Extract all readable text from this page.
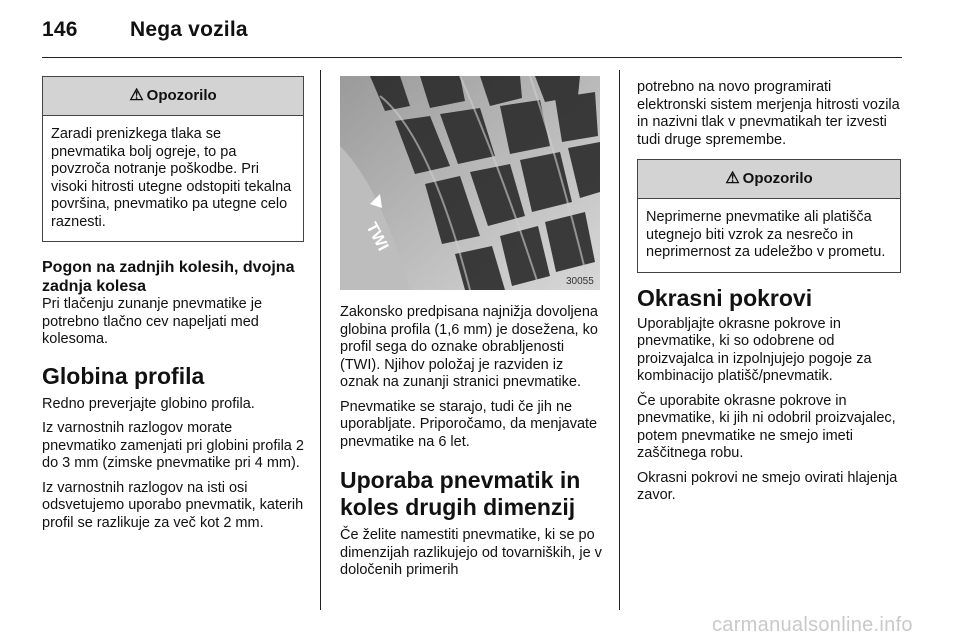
146 Nega vozila
⚠ Opozorilo
Zaradi prenizkega tlaka se pnevmatika bolj ogreje, to pa povzroča notranje poškodbe. Pri visoki hitrosti utegne odstopiti tekalna površina, pnevmatiko pa utegne celo raznesti.
Pogon na zadnjih kolesih, dvojna zadnja kolesa

Pri tlačenju zunanje pnevmatike je potrebno tlačno cev napeljati med kolesoma.

Globina profila

Redno preverjajte globino profila.

Iz varnostnih razlogov morate pnevmatiko zamenjati pri globini profila 2 do 3 mm (zimske pnevmatike pri 4 mm).

Iz varnostnih razlogov na isti osi odsvetujemo uporabo pnevmatik, katerih profil se razlikuje za več kot 2 mm.

TWI
30055

Zakonsko predpisana najnižja dovoljena globina profila (1,6 mm) je dosežena, ko profil sega do oznake obrabljenosti (TWI). Njihov položaj je razviden iz oznak na zunanji stranici pnevmatike.

Pnevmatike se starajo, tudi če jih ne uporabljate. Priporočamo, da menjavate pnevmatike na 6 let.

Uporaba pnevmatik in koles drugih dimenzij

Če želite namestiti pnevmatike, ki se po dimenzijah razlikujejo od tovarniških, je v določenih primerih

potrebno na novo programirati elektronski sistem merjenja hitrosti vozila in nazivni tlak v pnevmatikah ter izvesti tudi druge spremembe.

⚠ Opozorilo
Neprimerne pnevmatike ali platišča utegnejo biti vzrok za nesrečo in neprimernost za udeležbo v prometu.
Okrasni pokrovi

Uporabljajte okrasne pokrove in pnevmatike, ki so odobrene od proizvajalca in izpolnjujejo pogoje za kombinacijo platišč/pnevmatik.

Če uporabite okrasne pokrove in pnevmatike, ki jih ni odobril proizvajalec, potem pnevmatike ne smejo imeti zaščitnega robu.

Okrasni pokrovi ne smejo ovirati hlajenja zavor.

carmanualsonline.info
